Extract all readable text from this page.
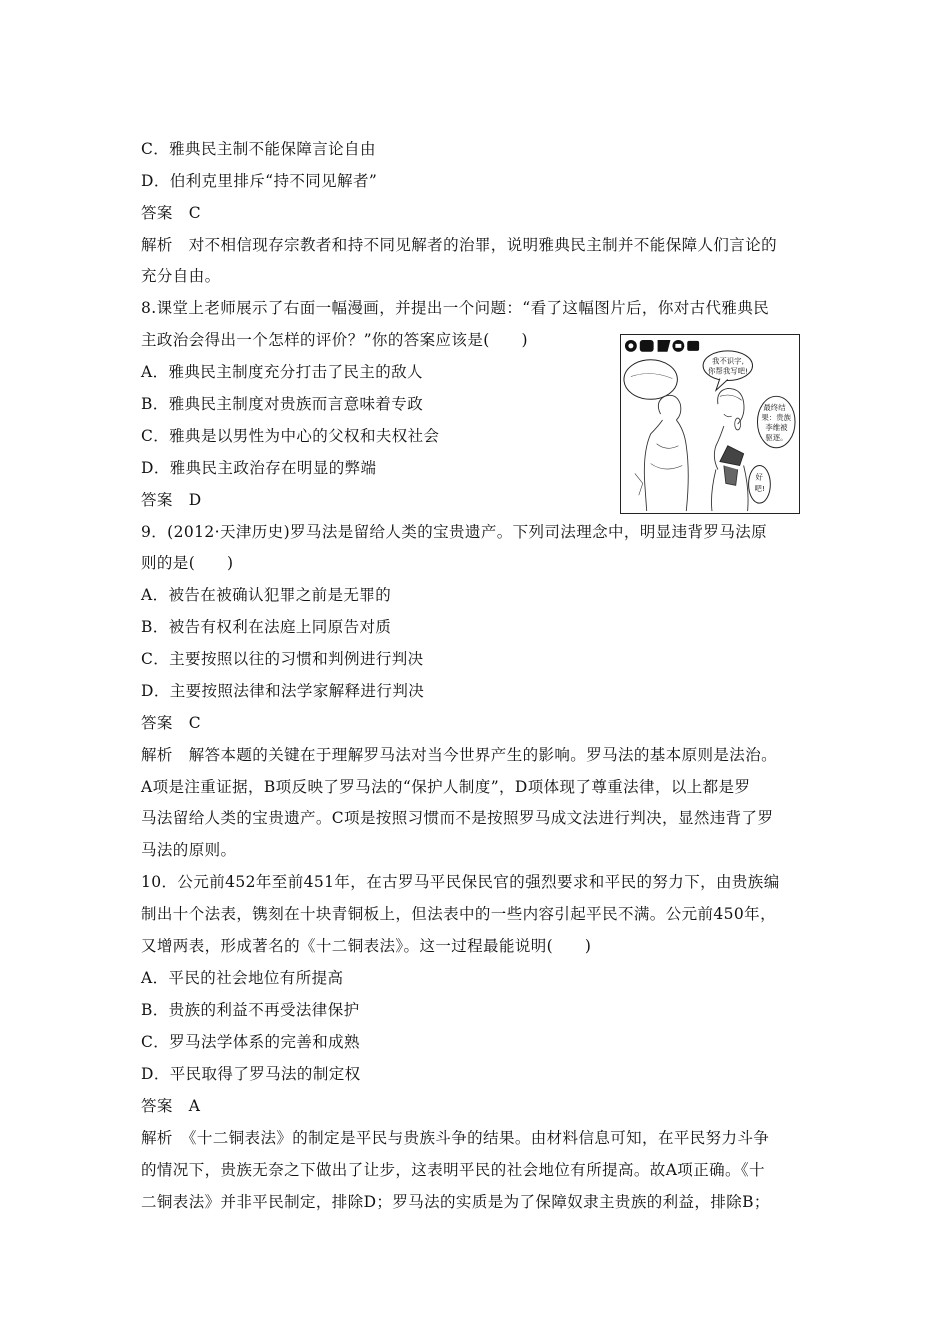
C．雅典民主制不能保障言论自由
D．伯利克里排斥“持不同见解者”
答案　C
解析　对不相信现存宗教者和持不同见解者的治罪，说明雅典民主制并不能保障人们言论的
充分自由。
8.课堂上老师展示了右面一幅漫画，并提出一个问题：“看了这幅图片后，你对古代雅典民
主政治会得出一个怎样的评价？”你的答案应该是(　　)
A．雅典民主制度充分打击了民主的敌人
B．雅典民主制度对贵族而言意味着专政
C．雅典是以男性为中心的父权和夫权社会
D．雅典民主政治存在明显的弊端
答案　D
9．(2012·天津历史)罗马法是留给人类的宝贵遗产。下列司法理念中，明显违背罗马法原
则的是(　　)
A．被告在被确认犯罪之前是无罪的
B．被告有权利在法庭上同原告对质
C．主要按照以往的习惯和判例进行判决
D．主要按照法律和法学家解释进行判决
答案　C
解析　解答本题的关键在于理解罗马法对当今世界产生的影响。罗马法的基本原则是法治。
A项是注重证据，B项反映了罗马法的“保护人制度”，D项体现了尊重法律，以上都是罗
马法留给人类的宝贵遗产。C项是按照习惯而不是按照罗马成文法进行判决，显然违背了罗
马法的原则。
10．公元前452年至前451年，在古罗马平民保民官的强烈要求和平民的努力下，由贵族编
制出十个法表，镌刻在十块青铜板上，但法表中的一些内容引起平民不满。公元前450年，
又增两表，形成著名的《十二铜表法》。这一过程最能说明(　　)
A．平民的社会地位有所提高
B．贵族的利益不再受法律保护
C．罗马法学体系的完善和成熟
D．平民取得了罗马法的制定权
答案　A
解析　《十二铜表法》的制定是平民与贵族斗争的结果。由材料信息可知，在平民努力斗争
的情况下，贵族无奈之下做出了让步，这表明平民的社会地位有所提高。故A项正确。《十
二铜表法》并非平民制定，排除D；罗马法的实质是为了保障奴隶主贵族的利益，排除B；
我不识字,
你帮我写吧!
最终结
果：贵族
李维被
驱逐。
好
吧!
